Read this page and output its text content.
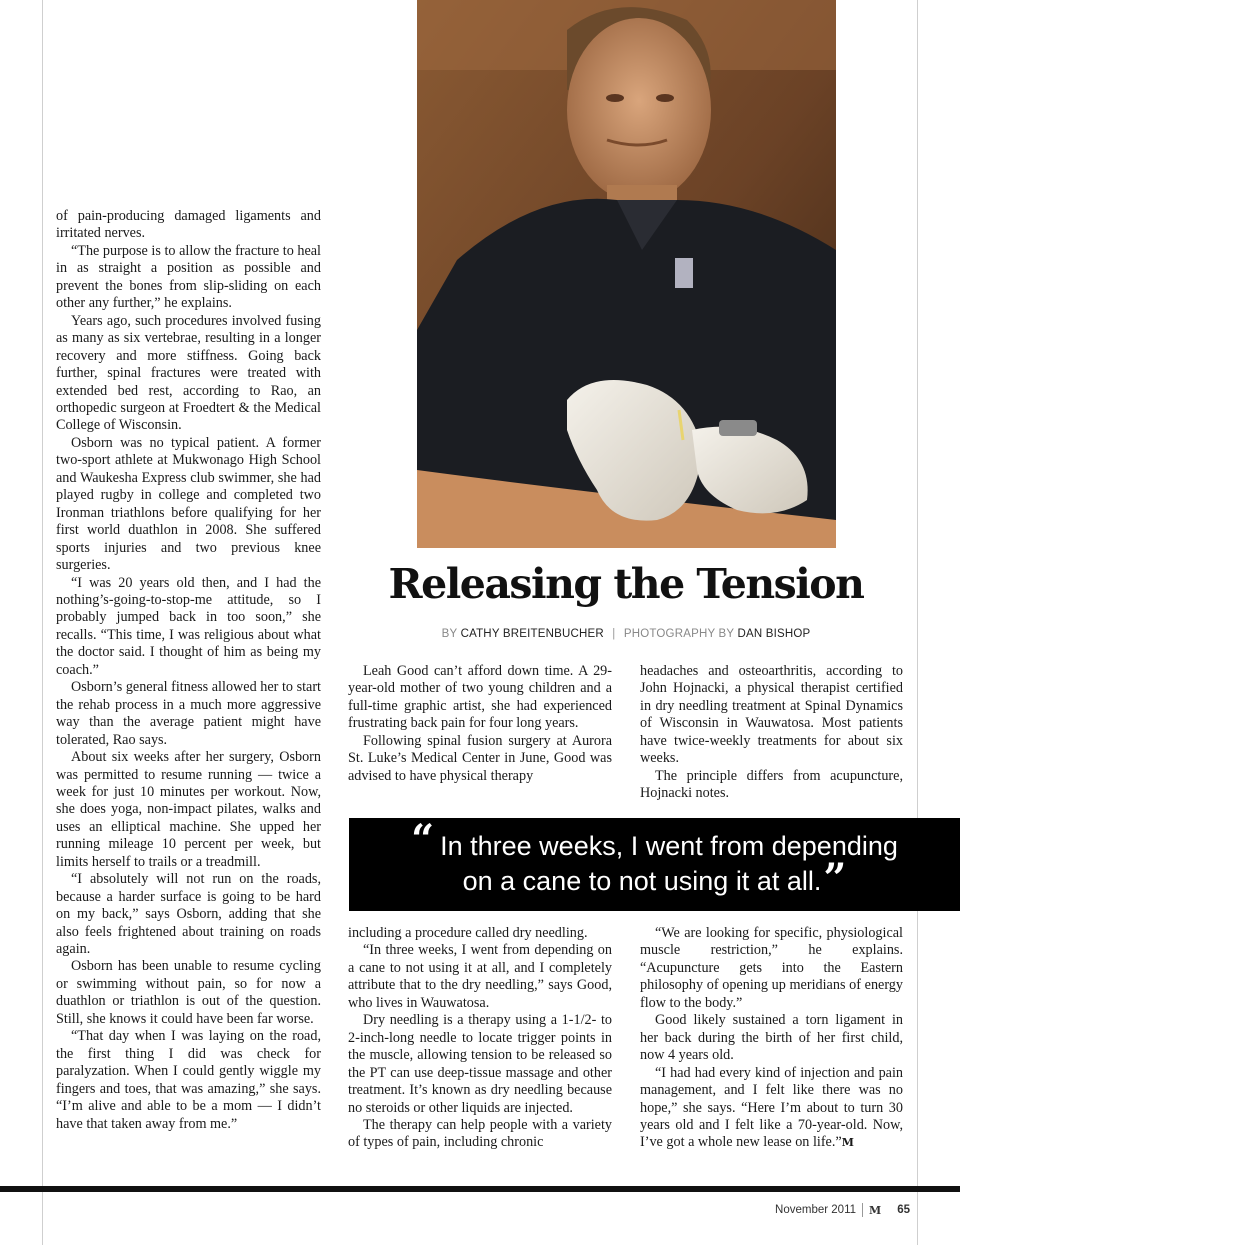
Physical Therapist John Hojnacki uses dry needling therapy to treat spinal injuries.

of pain-producing damaged ligaments and irritated nerves.

“The purpose is to allow the fracture to heal in as straight a position as possible and prevent the bones from slip-sliding on each other any further,” he explains.

Years ago, such procedures involved fusing as many as six vertebrae, resulting in a longer recovery and more stiffness. Going back further, spinal fractures were treated with extended bed rest, according to Rao, an orthopedic surgeon at Froedtert & the Medical College of Wisconsin.

Osborn was no typical patient. A former two-sport athlete at Mukwonago High School and Waukesha Express club swimmer, she had played rugby in college and completed two Ironman triathlons before qualifying for her first world duathlon in 2008. She suffered sports injuries and two previous knee surgeries.

“I was 20 years old then, and I had the nothing’s-going-to-stop-me attitude, so I probably jumped back in too soon,” she recalls. “This time, I was religious about what the doctor said. I thought of him as being my coach.”

Osborn’s general fitness allowed her to start the rehab process in a much more aggressive way than the average patient might have tolerated, Rao says.

About six weeks after her surgery, Osborn was permitted to resume running — twice a week for just 10 minutes per workout. Now, she does yoga, non-impact pilates, walks and uses an elliptical machine. She upped her running mileage 10 percent per week, but limits herself to trails or a treadmill.

“I absolutely will not run on the roads, because a harder surface is going to be hard on my back,” says Osborn, adding that she also feels frightened about training on roads again.

Osborn has been unable to resume cycling or swimming without pain, so for now a duathlon or triathlon is out of the question. Still, she knows it could have been far worse.

“That day when I was laying on the road, the first thing I did was check for paralyzation. When I could gently wiggle my fingers and toes, that was amazing,” she says. “I’m alive and able to be a mom — I didn’t have that taken away from me.”

Releasing the Tension
BY CATHY BREITENBUCHER | PHOTOGRAPHY BY DAN BISHOP

Leah Good can’t afford down time. A 29-year-old mother of two young children and a full-time graphic artist, she had experienced frustrating back pain for four long years.

Following spinal fusion surgery at Aurora St. Luke’s Medical Center in June, Good was advised to have physical therapy

headaches and osteoarthritis, according to John Hojnacki, a physical therapist certified in dry needling treatment at Spinal Dynamics of Wisconsin in Wauwatosa. Most patients have twice-weekly treatments for about six weeks.

The principle differs from acupuncture, Hojnacki notes.

“ In three weeks, I went from depending
on a cane to not using it at all.”

including a procedure called dry needling.

“In three weeks, I went from depending on a cane to not using it at all, and I completely attribute that to the dry needling,” says Good, who lives in Wauwatosa.

Dry needling is a therapy using a 1-1/2- to 2-inch-long needle to locate trigger points in the muscle, allowing tension to be released so the PT can use deep-tissue massage and other treatment. It’s known as dry needling because no steroids or other liquids are injected.

The therapy can help people with a variety of types of pain, including chronic

“We are looking for specific, physiological muscle restriction,” he explains. “Acupuncture gets into the Eastern philosophy of opening up meridians of energy flow to the body.”

Good likely sustained a torn ligament in her back during the birth of her first child, now 4 years old.

“I had had every kind of injection and pain management, and I felt like there was no hope,” she says. “Here I’m about to turn 30 years old and I felt like a 70-year-old. Now, I’ve got a whole new lease on life.”M

November 2011 M 65
